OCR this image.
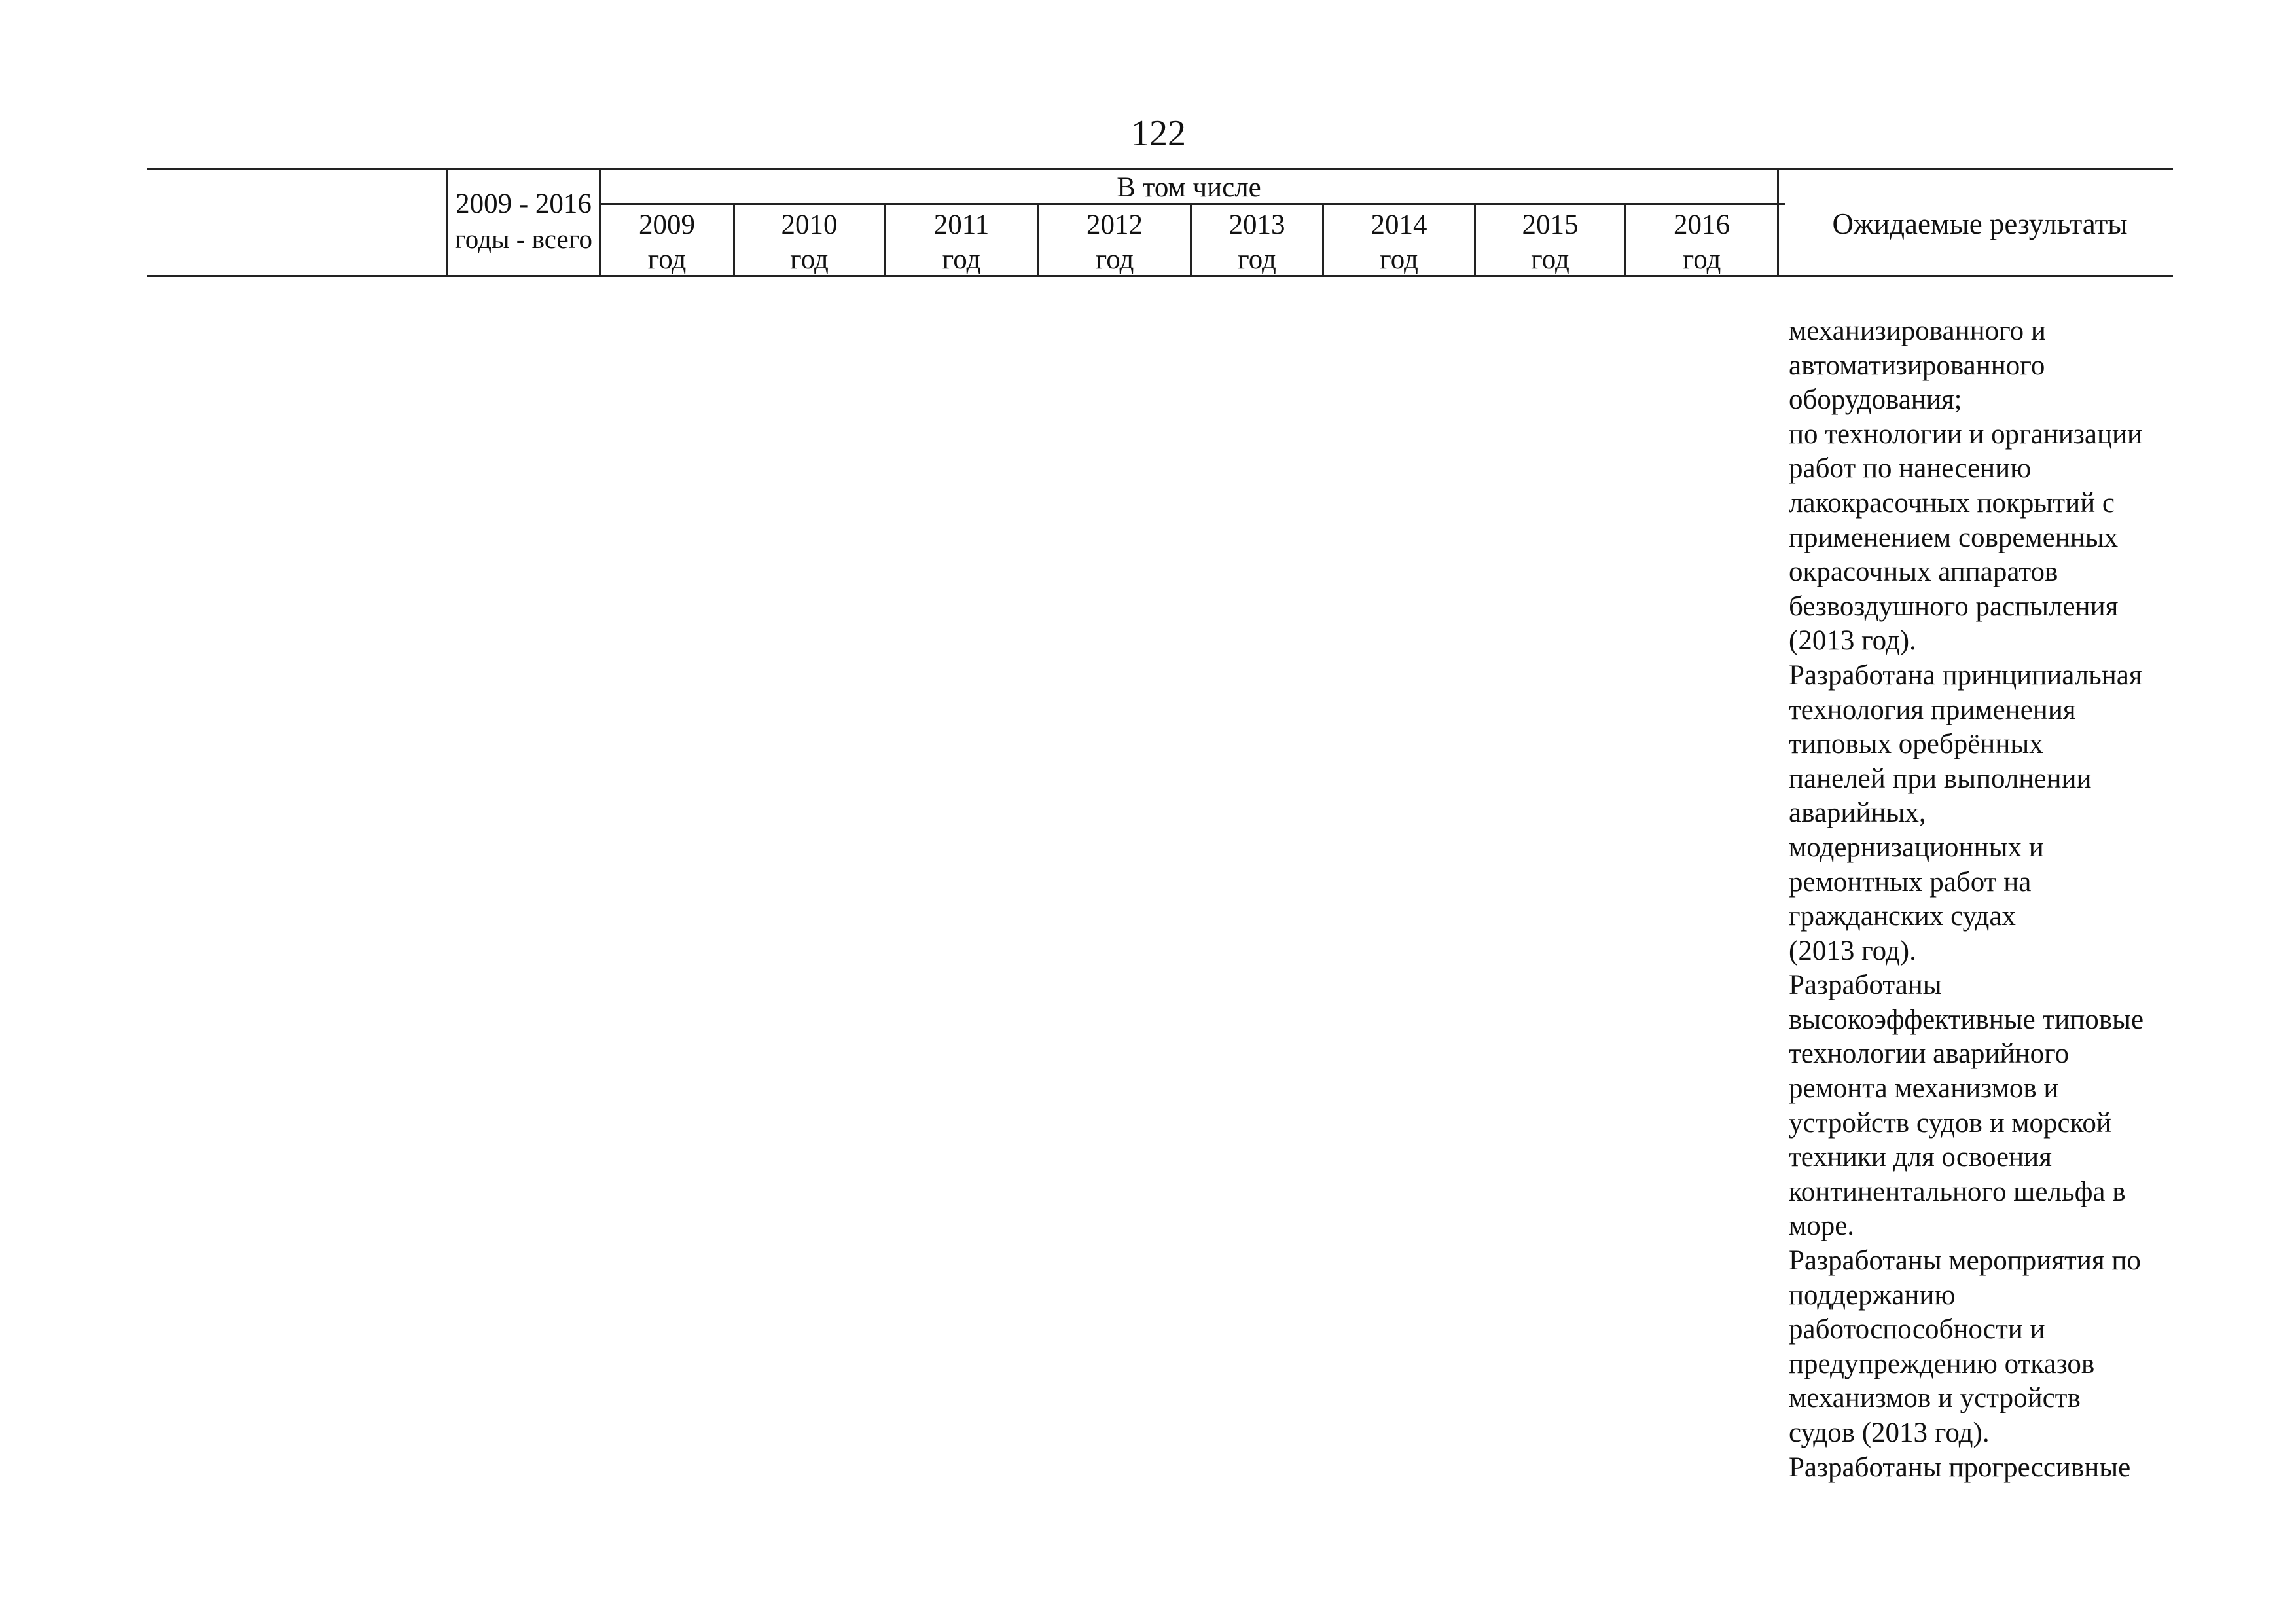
122
2009 - 2016
годы - всего
В том числе
2009
год
2010
год
2011
год
2012
год
2013
год
2014
год
2015
год
2016
год
Ожидаемые результаты
механизированного и
автоматизированного
оборудования;
по технологии и организации
работ по нанесению
лакокрасочных покрытий с
применением современных
окрасочных аппаратов
безвоздушного распыления
(2013 год).
Разработана принципиальная
технология применения
типовых оребрённых
панелей при выполнении
аварийных,
модернизационных и
ремонтных работ на
гражданских судах
(2013 год).
Разработаны
высокоэффективные типовые
технологии аварийного
ремонта механизмов и
устройств судов и морской
техники для освоения
континентального шельфа в
море.
Разработаны мероприятия по
поддержанию
работоспособности и
предупреждению отказов
механизмов и устройств
судов (2013 год).
Разработаны прогрессивные
